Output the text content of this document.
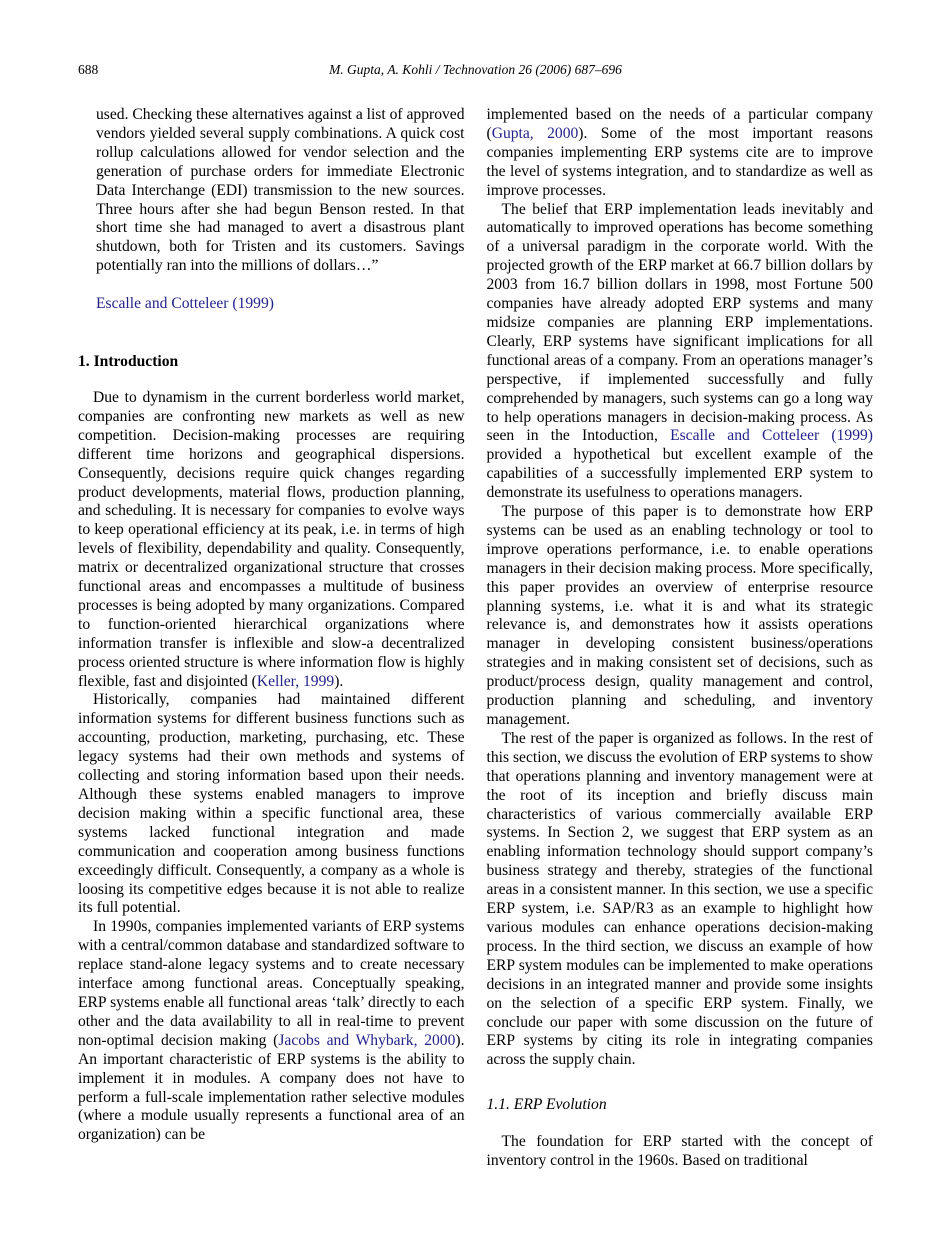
688	M. Gupta, A. Kohli / Technovation 26 (2006) 687–696

used. Checking these alternatives against a list of approved vendors yielded several supply combinations. A quick cost rollup calculations allowed for vendor selection and the generation of purchase orders for immediate Electronic Data Interchange (EDI) transmission to the new sources. Three hours after she had begun Benson rested. In that short time she had managed to avert a disastrous plant shutdown, both for Tristen and its customers. Savings potentially ran into the millions of dollars…”

Escalle and Cotteleer (1999)

1. Introduction

Due to dynamism in the current borderless world market, companies are confronting new markets as well as new competition. Decision-making processes are requiring different time horizons and geographical dispersions. Consequently, decisions require quick changes regarding product developments, material flows, production planning, and scheduling. It is necessary for companies to evolve ways to keep operational efficiency at its peak, i.e. in terms of high levels of flexibility, dependability and quality. Consequently, matrix or decentralized organizational structure that crosses functional areas and encompasses a multitude of business processes is being adopted by many organizations. Compared to function-oriented hierarchical organizations where information transfer is inflexible and slow-a decentralized process oriented structure is where information flow is highly flexible, fast and disjointed (Keller, 1999).

Historically, companies had maintained different information systems for different business functions such as accounting, production, marketing, purchasing, etc. These legacy systems had their own methods and systems of collecting and storing information based upon their needs. Although these systems enabled managers to improve decision making within a specific functional area, these systems lacked functional integration and made communication and cooperation among business functions exceedingly difficult. Consequently, a company as a whole is loosing its competitive edges because it is not able to realize its full potential.

In 1990s, companies implemented variants of ERP systems with a central/common database and standardized software to replace stand-alone legacy systems and to create necessary interface among functional areas. Conceptually speaking, ERP systems enable all functional areas ‘talk’ directly to each other and the data availability to all in real-time to prevent non-optimal decision making (Jacobs and Whybark, 2000). An important characteristic of ERP systems is the ability to implement it in modules. A company does not have to perform a full-scale implementation rather selective modules (where a module usually represents a functional area of an organization) can be

implemented based on the needs of a particular company (Gupta, 2000). Some of the most important reasons companies implementing ERP systems cite are to improve the level of systems integration, and to standardize as well as improve processes.

The belief that ERP implementation leads inevitably and automatically to improved operations has become something of a universal paradigm in the corporate world. With the projected growth of the ERP market at 66.7 billion dollars by 2003 from 16.7 billion dollars in 1998, most Fortune 500 companies have already adopted ERP systems and many midsize companies are planning ERP implementations. Clearly, ERP systems have significant implications for all functional areas of a company. From an operations manager’s perspective, if implemented successfully and fully comprehended by managers, such systems can go a long way to help operations managers in decision-making process. As seen in the Intoduction, Escalle and Cotteleer (1999) provided a hypothetical but excellent example of the capabilities of a successfully implemented ERP system to demonstrate its usefulness to operations managers.

The purpose of this paper is to demonstrate how ERP systems can be used as an enabling technology or tool to improve operations performance, i.e. to enable operations managers in their decision making process. More specifically, this paper provides an overview of enterprise resource planning systems, i.e. what it is and what its strategic relevance is, and demonstrates how it assists operations manager in developing consistent business/operations strategies and in making consistent set of decisions, such as product/process design, quality management and control, production planning and scheduling, and inventory management.

The rest of the paper is organized as follows. In the rest of this section, we discuss the evolution of ERP systems to show that operations planning and inventory management were at the root of its inception and briefly discuss main characteristics of various commercially available ERP systems. In Section 2, we suggest that ERP system as an enabling information technology should support company’s business strategy and thereby, strategies of the functional areas in a consistent manner. In this section, we use a specific ERP system, i.e. SAP/R3 as an example to highlight how various modules can enhance operations decision-making process. In the third section, we discuss an example of how ERP system modules can be implemented to make operations decisions in an integrated manner and provide some insights on the selection of a specific ERP system. Finally, we conclude our paper with some discussion on the future of ERP systems by citing its role in integrating companies across the supply chain.

1.1. ERP Evolution

The foundation for ERP started with the concept of inventory control in the 1960s. Based on traditional
